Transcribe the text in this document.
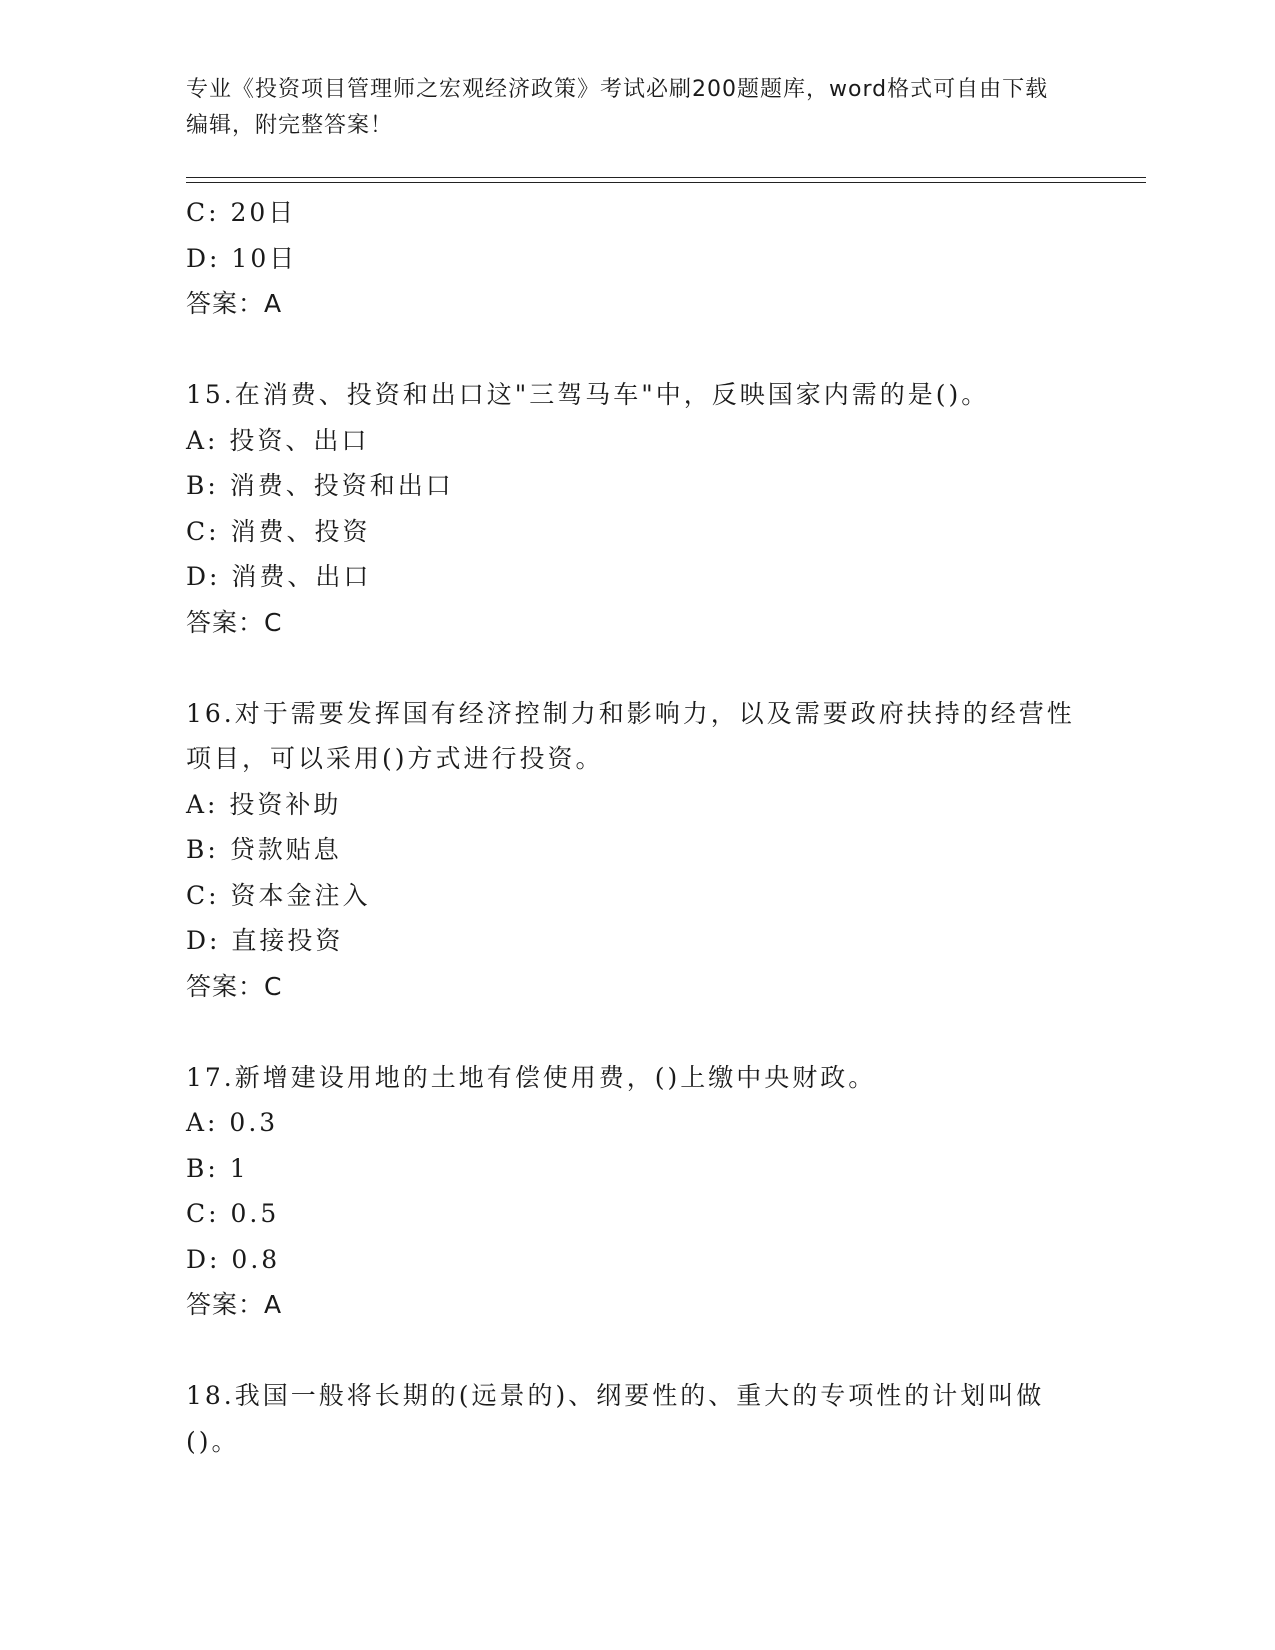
专业《投资项目管理师之宏观经济政策》考试必刷200题题库，word格式可自由下载编辑，附完整答案！
C: 20日
D: 10日
答案：A
15.在消费、投资和出口这"三驾马车"中，反映国家内需的是()。
A: 投资、出口
B: 消费、投资和出口
C: 消费、投资
D: 消费、出口
答案：C
16.对于需要发挥国有经济控制力和影响力，以及需要政府扶持的经营性项目，可以采用()方式进行投资。
A: 投资补助
B: 贷款贴息
C: 资本金注入
D: 直接投资
答案：C
17.新增建设用地的土地有偿使用费，()上缴中央财政。
A: 0.3
B: 1
C: 0.5
D: 0.8
答案：A
18.我国一般将长期的(远景的)、纲要性的、重大的专项性的计划叫做()。
